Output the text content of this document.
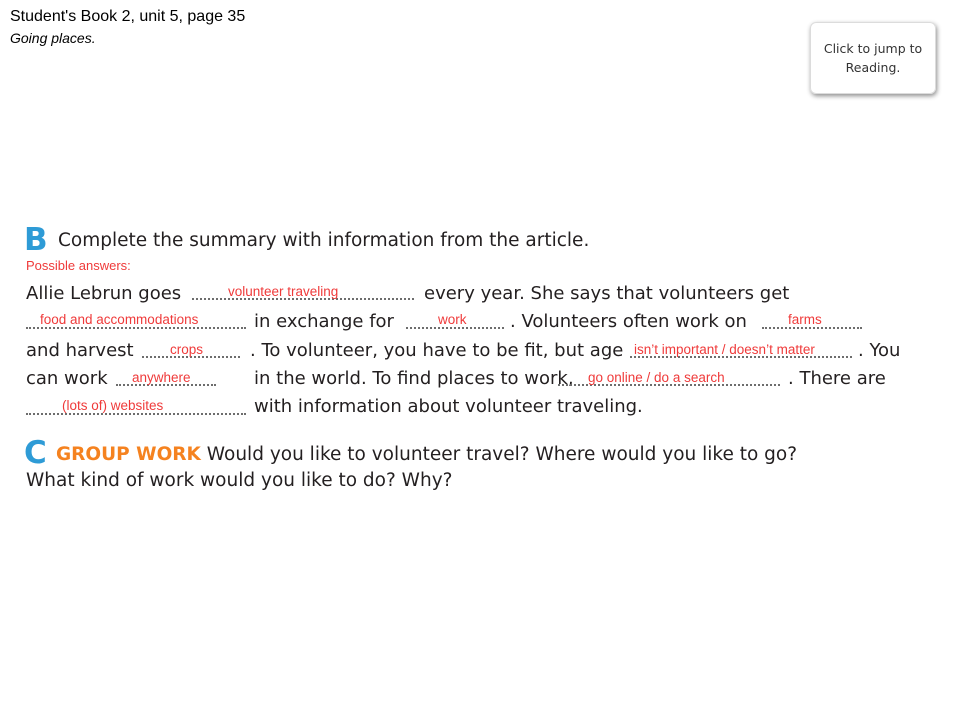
Student's Book 2, unit 5, page 35
Going places.
Click to jump to Reading.
B Complete the summary with information from the article.
Possible answers:
Allie Lebrun goes	volunteer traveling	every year. She says that volunteers get
food and accommodations	in exchange for	work . Volunteers often work on	farms
and harvest	crops	. To volunteer, you have to be fit, but age isn’t important / doesn’t matter . You
can work anywhere	in the world. To find places to work, go online / do a search	. There are
(lots of) websites	with information about volunteer traveling.
C GROUP WORK Would you like to volunteer travel? Where would you like to go?
What kind of work would you like to do? Why?
